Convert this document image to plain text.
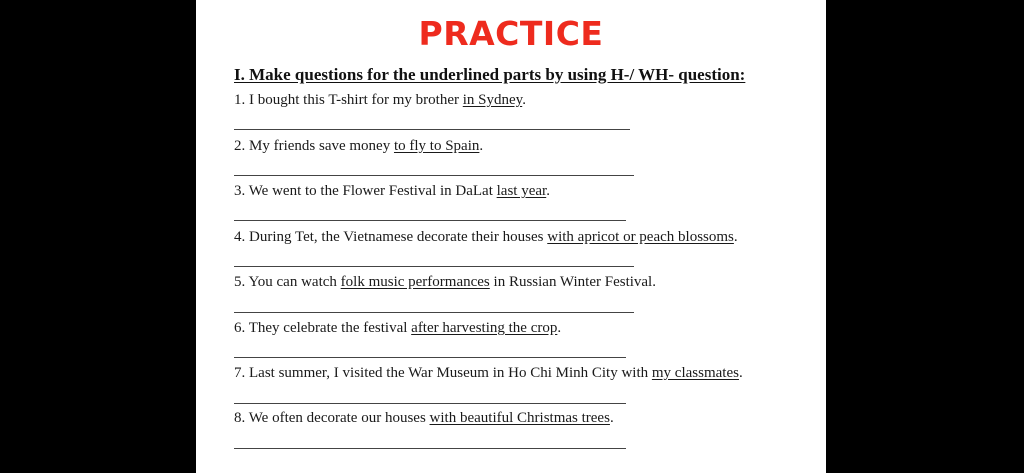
PRACTICE

I. Make questions for the underlined parts by using H-/ WH- question:

1. I bought this T-shirt for my brother in Sydney.
2. My friends save money to fly to Spain.
3. We went to the Flower Festival in DaLat last year.
4. During Tet, the Vietnamese decorate their houses with apricot or peach blossoms.
5. You can watch folk music performances in Russian Winter Festival.
6. They celebrate the festival after harvesting the crop.
7. Last summer, I visited the War Museum in Ho Chi Minh City with my classmates.
8. We often decorate our houses with beautiful Christmas trees.
